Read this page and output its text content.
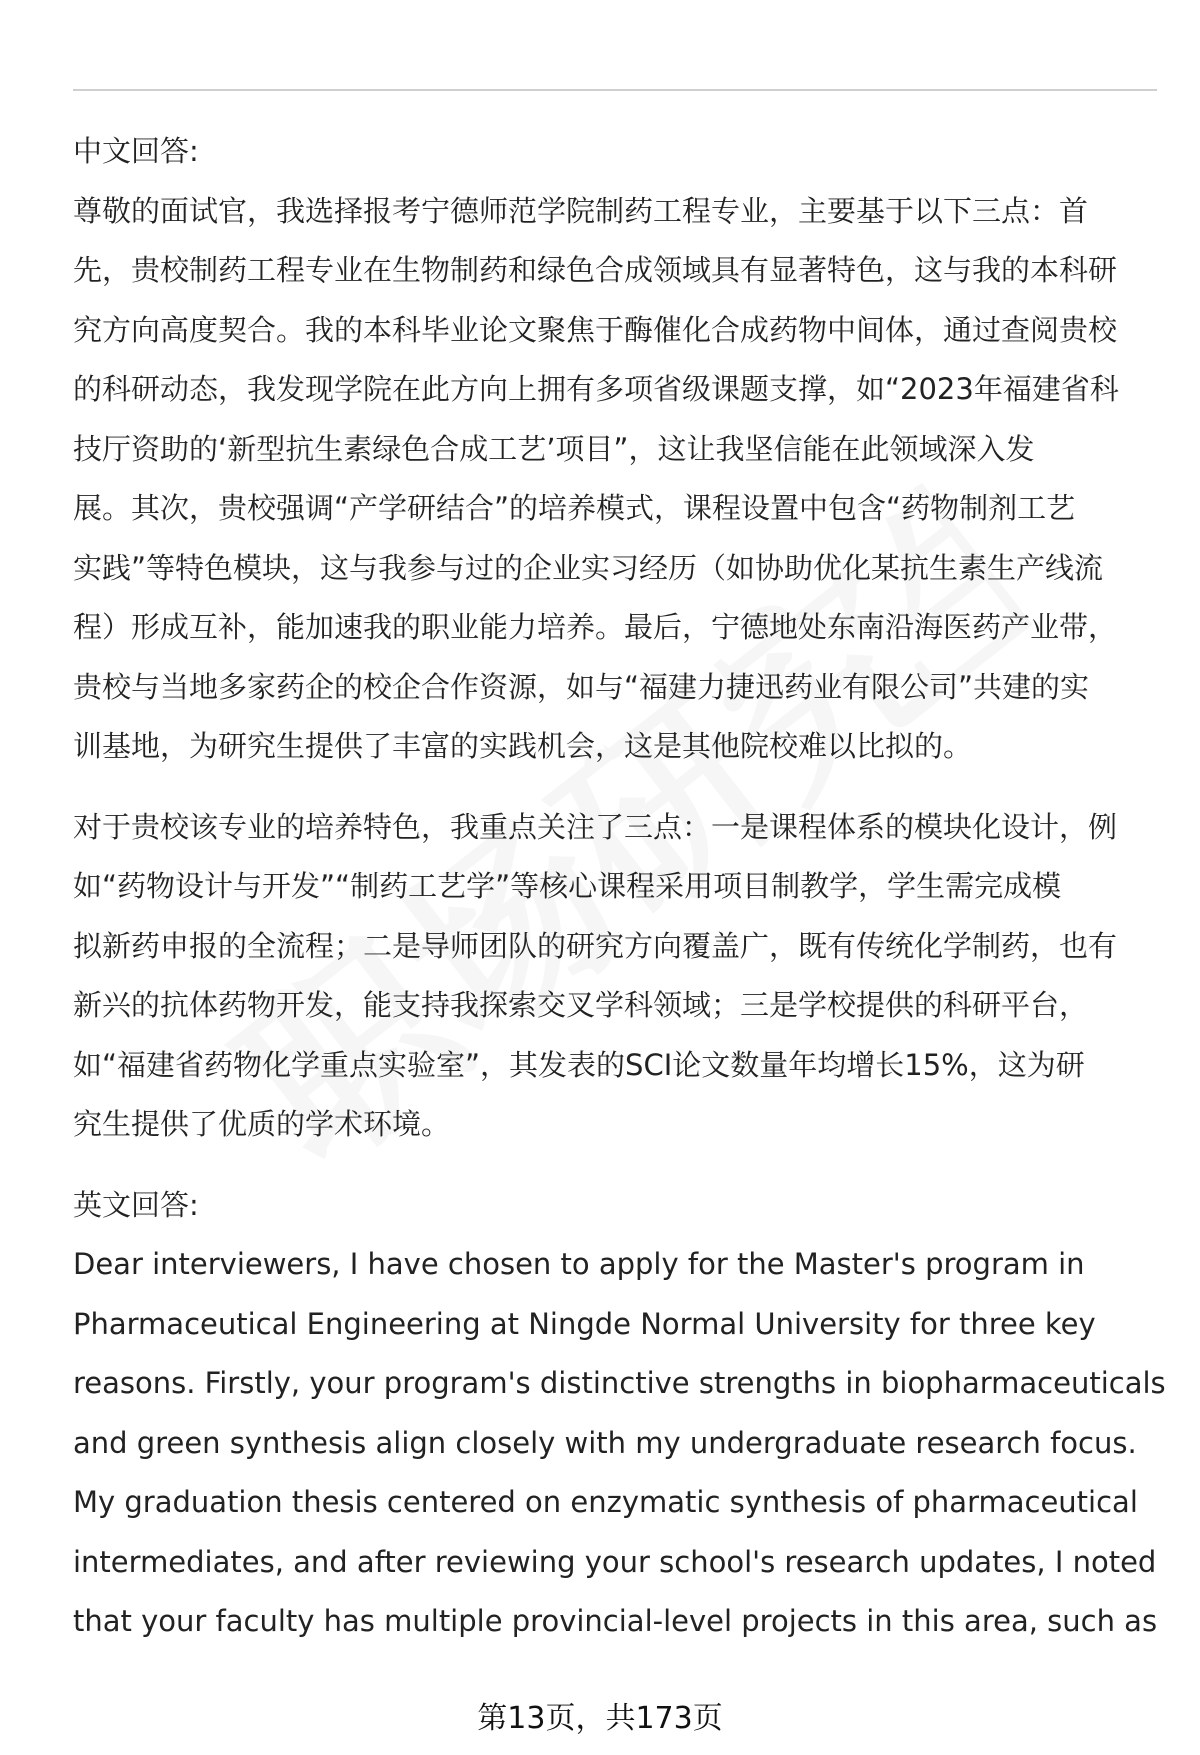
中文回答:

尊敬的面试官，我选择报考宁德师范学院制药工程专业，主要基于以下三点：首
先，贵校制药工程专业在生物制药和绿色合成领域具有显著特色，这与我的本科研
究方向高度契合。我的本科毕业论文聚焦于酶催化合成药物中间体，通过查阅贵校
的科研动态，我发现学院在此方向上拥有多项省级课题支撑，如“2023年福建省科
技厅资助的‘新型抗生素绿色合成工艺’项目”，这让我坚信能在此领域深入发
展。其次，贵校强调“产学研结合”的培养模式，课程设置中包含“药物制剂工艺
实践”等特色模块，这与我参与过的企业实习经历（如协助优化某抗生素生产线流
程）形成互补，能加速我的职业能力培养。最后，宁德地处东南沿海医药产业带，
贵校与当地多家药企的校企合作资源，如与“福建力捷迅药业有限公司”共建的实
训基地，为研究生提供了丰富的实践机会，这是其他院校难以比拟的。

对于贵校该专业的培养特色，我重点关注了三点：一是课程体系的模块化设计，例
如“药物设计与开发”“制药工艺学”等核心课程采用项目制教学，学生需完成模
拟新药申报的全流程；二是导师团队的研究方向覆盖广，既有传统化学制药，也有
新兴的抗体药物开发，能支持我探索交叉学科领域；三是学校提供的科研平台，
如“福建省药物化学重点实验室”，其发表的SCI论文数量年均增长15%，这为研
究生提供了优质的学术环境。

英文回答:

Dear interviewers, I have chosen to apply for the Master's program in
Pharmaceutical Engineering at Ningde Normal University for three key
reasons. Firstly, your program's distinctive strengths in biopharmaceuticals
and green synthesis align closely with my undergraduate research focus.
My graduation thesis centered on enzymatic synthesis of pharmaceutical
intermediates, and after reviewing your school's research updates, I noted
that your faculty has multiple provincial-level projects in this area, such as

第13页，共173页
